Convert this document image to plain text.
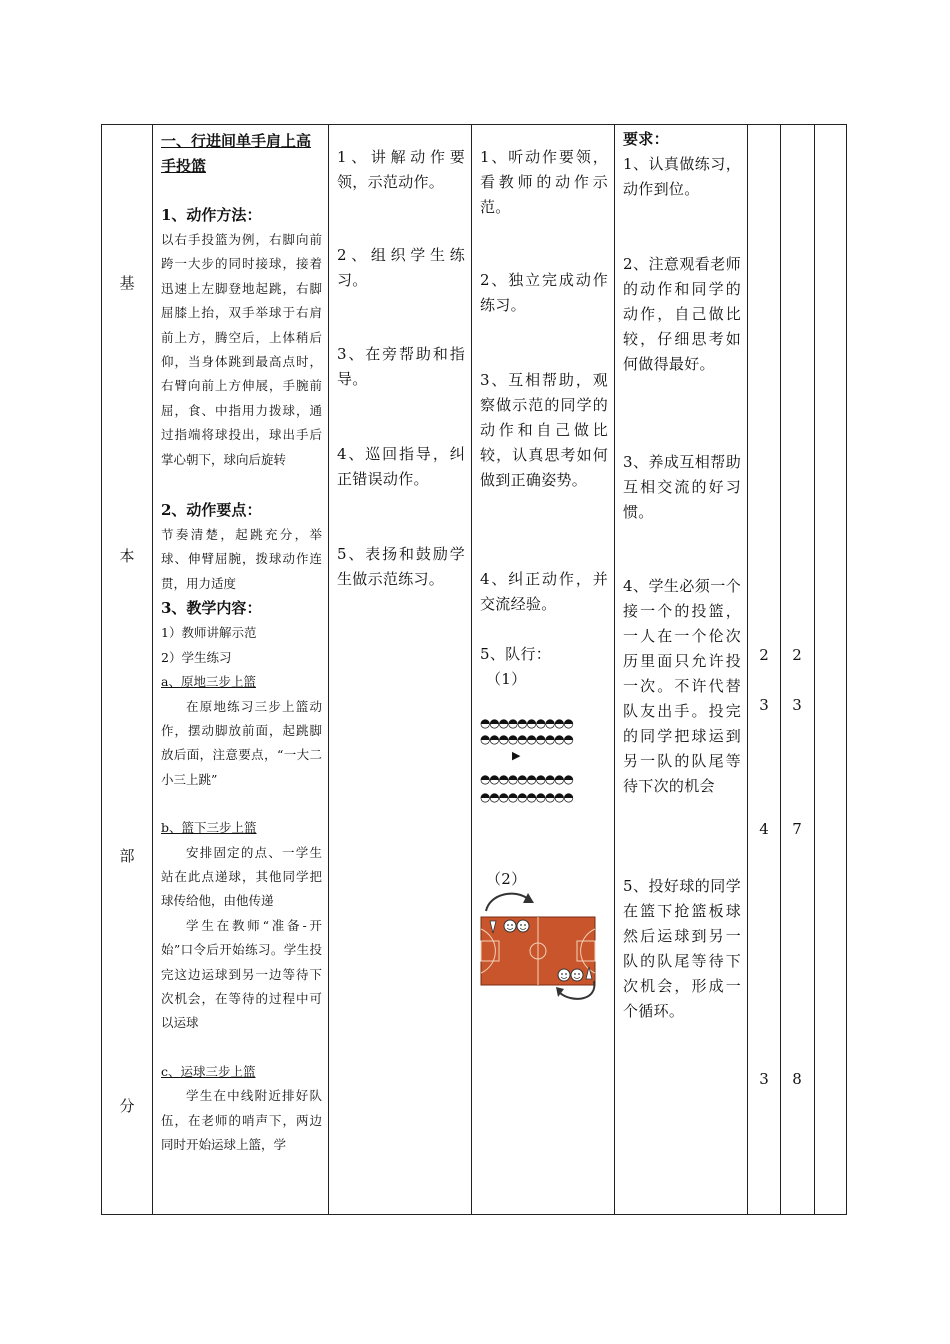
基
本
部
分
一、行进间单手肩上高手投篮
1、动作方法：
以右手投篮为例，右脚向前跨一大步的同时接球，接着迅速上左脚登地起跳，右脚屈膝上抬，双手举球于右肩前上方，腾空后，上体稍后仰，当身体跳到最高点时，右臂向前上方伸展，手腕前屈，食、中指用力拨球，通过指端将球投出，球出手后掌心朝下，球向后旋转
2、动作要点：
节奏清楚，起跳充分，举球、伸臂屈腕，拨球动作连贯，用力适度
3、教学内容：
1）教师讲解示范
2）学生练习
a、原地三步上篮
在原地练习三步上篮动作，摆动脚放前面，起跳脚放后面，注意要点，“一大二小三上跳”
b、篮下三步上篮
安排固定的点、一学生站在此点递球，其他同学把球传给他，由他传递
学生在教师“准备-开始”口令后开始练习。学生投完这边运球到另一边等待下次机会，在等待的过程中可以运球
c、运球三步上篮
学生在中线附近排好队伍，在老师的哨声下，两边同时开始运球上篮，学
1、讲解动作要领，示范动作。
2、组织学生练习。
3、在旁帮助和指导。
4、巡回指导，纠正错误动作。
5、表扬和鼓励学生做示范练习。
1、听动作要领，看教师的动作示范。
2、独立完成动作练习。
3、互相帮助，观察做示范的同学的动作和自己做比较，认真思考如何做到正确姿势。
4、纠正动作，并交流经验。
5、队行：
（1）
◓◓◓◓◓◓◓◓◓◓
◓◓◓◓◓◓◓◓◓◓
▶
◓◓◓◓◓◓◓◓◓◓
◓◓◓◓◓◓◓◓◓◓
（2）
要求：
1、认真做练习，动作到位。
2、注意观看老师的动作和同学的动作，自己做比较，仔细思考如何做得最好。
3、养成互相帮助互相交流的好习惯。
4、学生必须一个接一个的投篮，一人在一个伦次历里面只允许投一次。不许代替队友出手。投完的同学把球运到另一队的队尾等待下次的机会
5、投好球的同学在篮下抢篮板球然后运球到另一队的队尾等待下次机会，形成一个循环。
2
3
4
3
2
3
7
8
